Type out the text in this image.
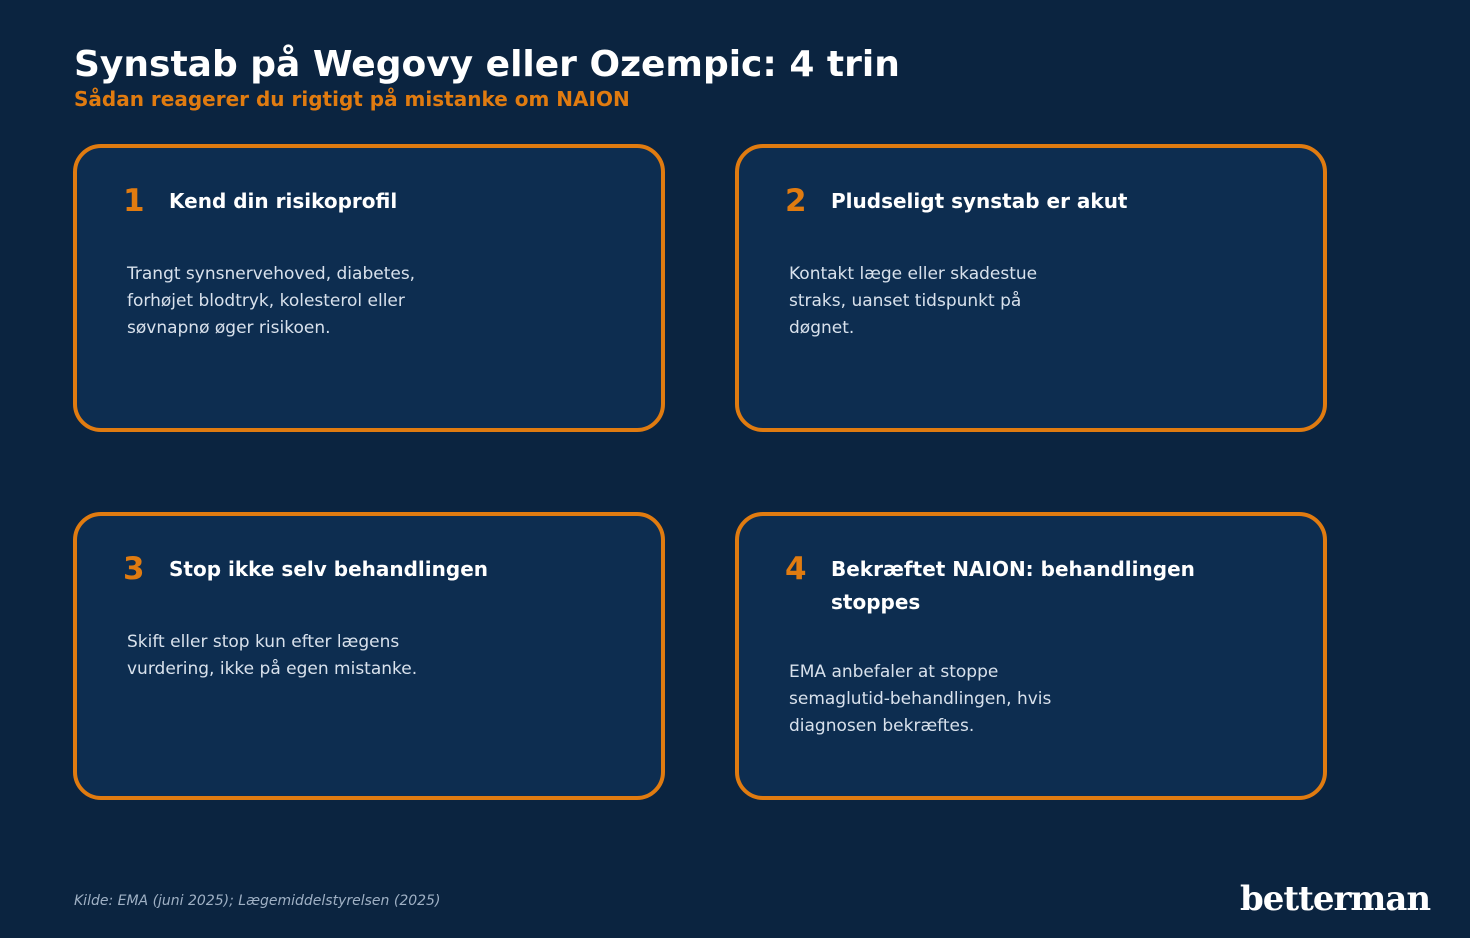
Synstab på Wegovy eller Ozempic: 4 trin
Sådan reagerer du rigtigt på mistanke om NAION
1 Kend din risikoprofil
Trangt synsnervehoved, diabetes, forhøjet blodtryk, kolesterol eller søvnapnø øger risikoen.
2 Pludseligt synstab er akut
Kontakt læge eller skadestue straks, uanset tidspunkt på døgnet.
3 Stop ikke selv behandlingen
Skift eller stop kun efter lægens vurdering, ikke på egen mistanke.
4 Bekræftet NAION: behandlingen stoppes
EMA anbefaler at stoppe semaglutid-behandlingen, hvis diagnosen bekræftes.
Kilde: EMA (juni 2025); Lægemiddelstyrelsen (2025)	betterman
